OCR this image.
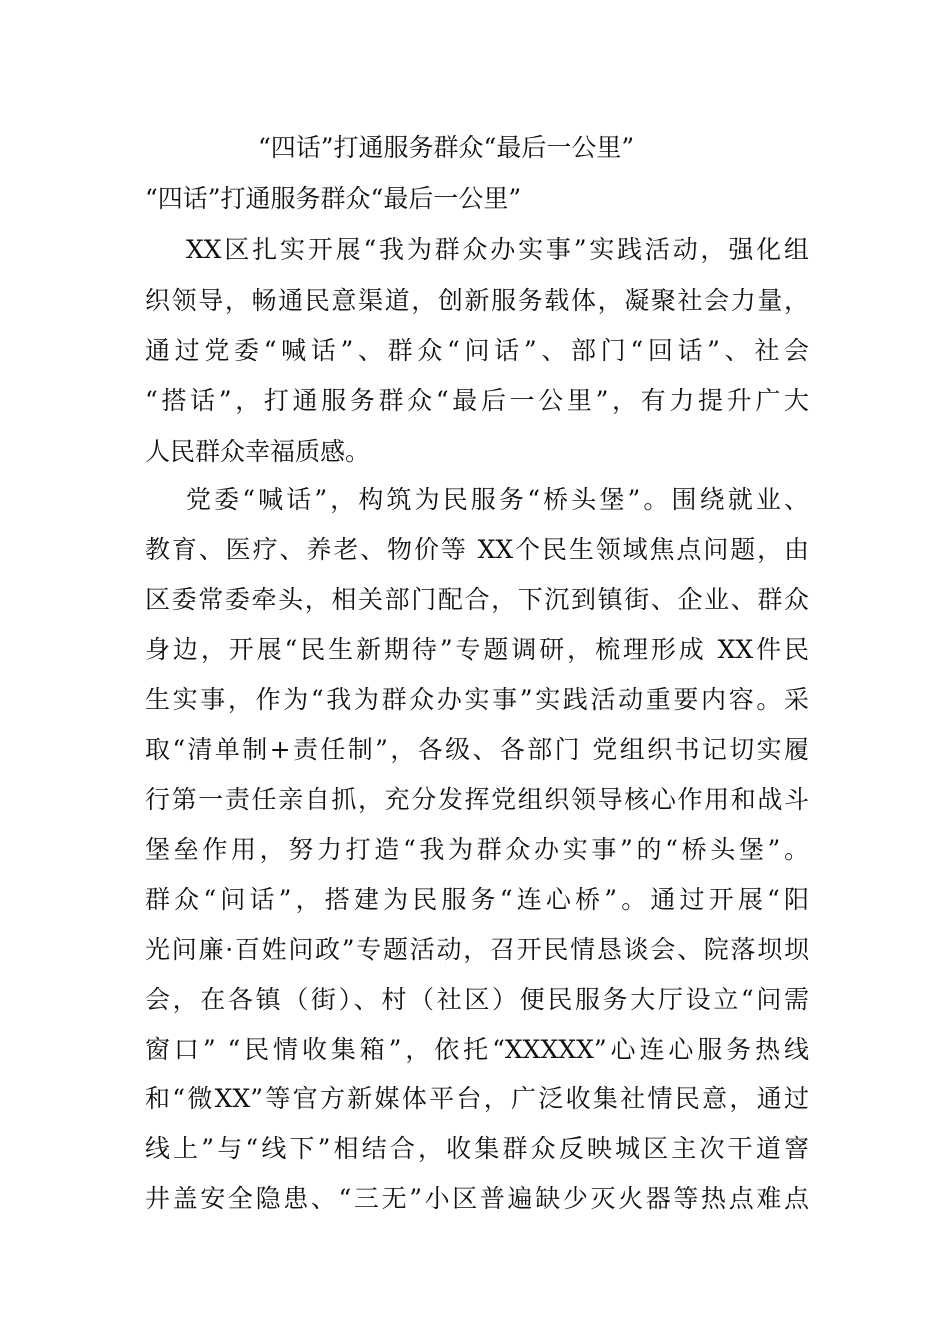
“四话”打通服务群众“最后一公里”
“四话”打通服务群众“最后一公里”
XX区扎实开展“我为群众办实事”实践活动，强化组
织领导，畅通民意渠道，创新服务载体，凝聚社会力量，
通过党委“喊话”、群众“问话”、部门“回话”、社会
“搭话”，打通服务群众“最后一公里”，有力提升广大
人民群众幸福质感。
党委“喊话”，构筑为民服务“桥头堡”。围绕就业、
教育、医疗、养老、物价等 XX个民生领域焦点问题，由
区委常委牵头，相关部门配合，下沉到镇街、企业、群众
身边，开展“民生新期待”专题调研，梳理形成 XX件民
生实事，作为“我为群众办实事”实践活动重要内容。采
取“清单制+责任制”，各级、各部门 党组织书记切实履
行第一责任亲自抓，充分发挥党组织领导核心作用和战斗
堡垒作用，努力打造“我为群众办实事”的“桥头堡”。
群众“问话”，搭建为民服务“连心桥”。通过开展“阳
光问廉·百姓问政”专题活动，召开民情恳谈会、院落坝坝
会，在各镇（街）、村（社区）便民服务大厅设立“问需
窗口” “民情收集箱”，依托“XXXXX”心连心服务热线
和“微XX”等官方新媒体平台，广泛收集社情民意，通过
线上”与“线下”相结合，收集群众反映城区主次干道窨
井盖安全隐患、“三无”小区普遍缺少灭火器等热点难点
